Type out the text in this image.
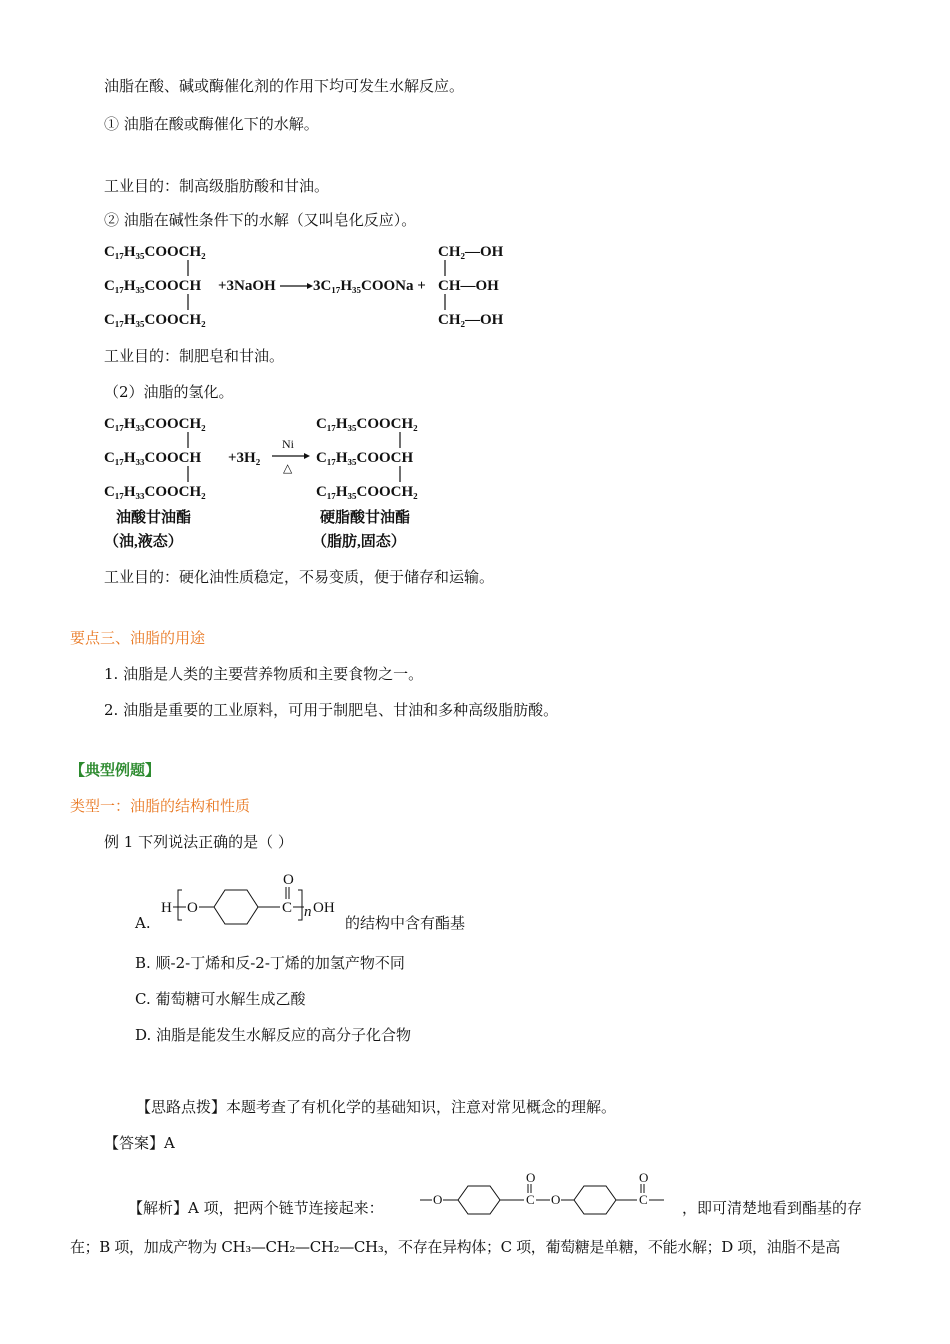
油脂在酸、碱或酶催化剂的作用下均可发生水解反应。
① 油脂在酸或酶催化下的水解。
工业目的：制高级脂肪酸和甘油。
② 油脂在碱性条件下的水解（又叫皂化反应）。
C₁₇H₃₅COOCH₂
C₁₇H₃₅COOCH
C₁₇H₃₅COOCH₂
+3NaOH 3C₁₇H₃₅COONa +
CH₂—OH
CH—OH
CH₂—OH
工业目的：制肥皂和甘油。
（2）油脂的氢化。
C₁₇H₃₃COOCH₂
C₁₇H₃₃COOCH
C₁₇H₃₃COOCH₂
+3H₂
C₁₇H₃₅COOCH₂
C₁₇H₃₅COOCH
C₁₇H₃₅COOCH₂
油酸甘油酯
（油,液态）
硬脂酸甘油酯
（脂肪,固态）
Ni
△
工业目的：硬化油性质稳定，不易变质，便于储存和运输。
要点三、油脂的用途
1. 油脂是人类的主要营养物质和主要食物之一。
2. 油脂是重要的工业原料，可用于制肥皂、甘油和多种高级脂肪酸。
【典型例题】
类型一：油脂的结构和性质
例 1 下列说法正确的是（ ）
A.
H O
O
C n OH
的结构中含有酯基
B. 顺-2-丁烯和反-2-丁烯的加氢产物不同
C. 葡萄糖可水解生成乙酸
D. 油脂是能发生水解反应的高分子化合物
【思路点拨】本题考查了有机化学的基础知识，注意对常见概念的理解。
【答案】A
【解析】A 项，把两个链节连接起来：	O
O
C O
O
C ，即可清楚地看到酯基的存
在；B 项，加成产物为 CH₃—CH₂—CH₂—CH₃，不存在异构体；C 项，葡萄糖是单糖，不能水解；D 项，油脂不是高
